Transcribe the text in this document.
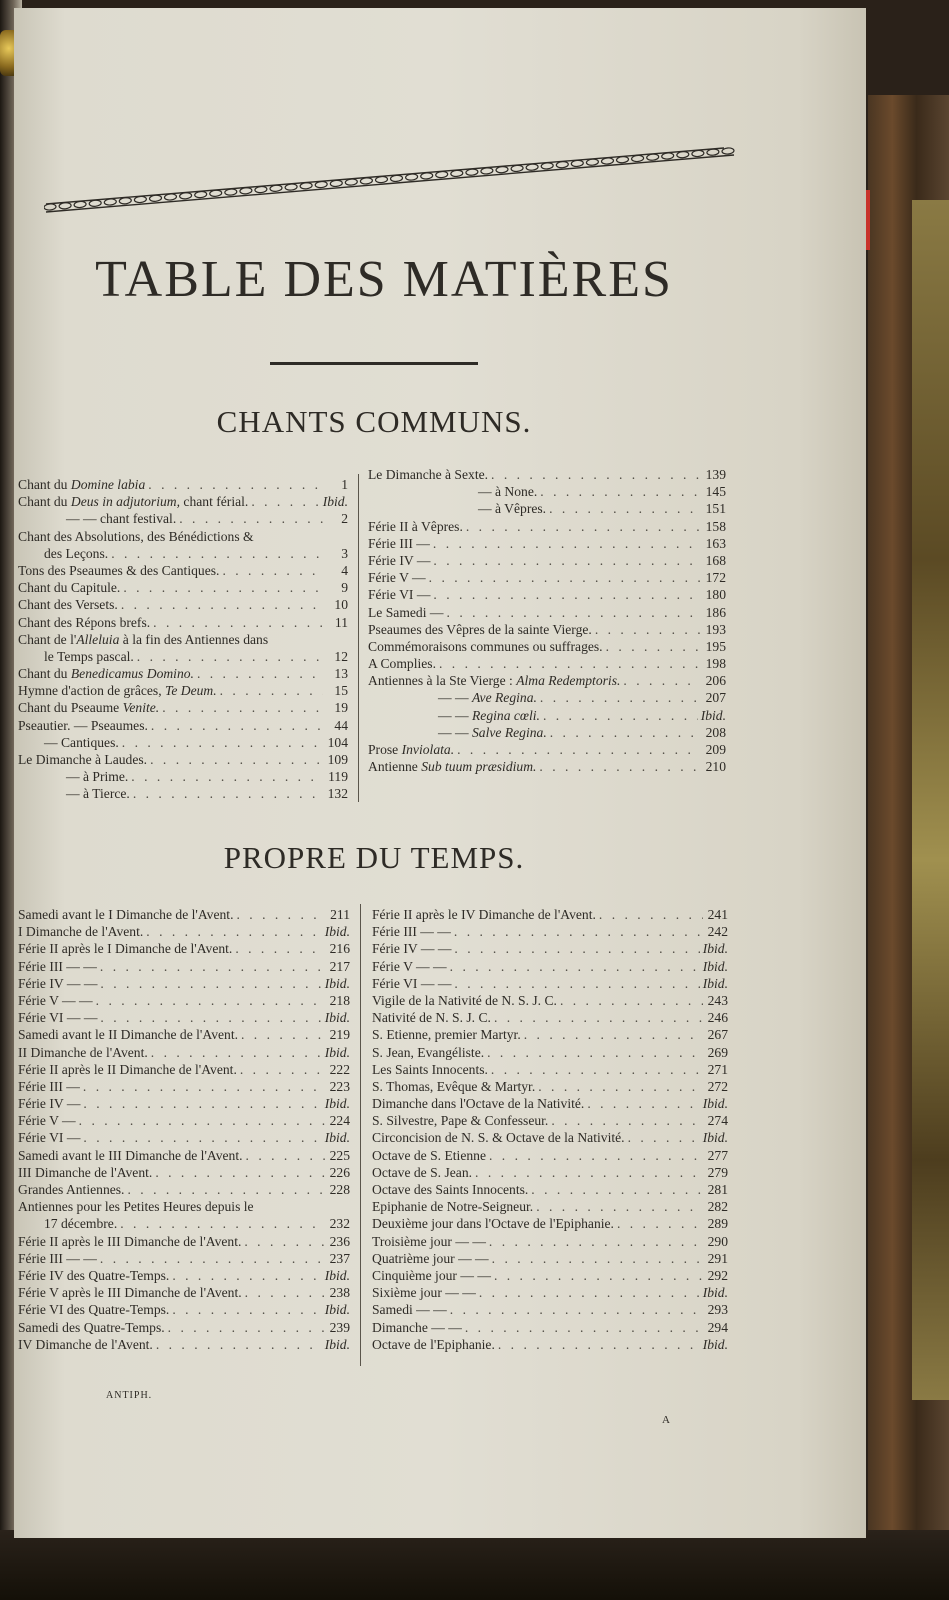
TABLE DES MATIÈRES
CHANTS COMMUNS.
Chant du Domine labia . . .	1
Chant du Deus in adjutorium, chant férial. . . .	Ibid.
— — chant festival. . . .	2
Chant des Absolutions, des Bénédictions &
des Leçons. . . .	3
Tons des Pseaumes & des Cantiques. . . .	4
Chant du Capitule. . . .	9
Chant des Versets. . . .	10
Chant des Répons brefs. . . .	11
Chant de l'Alleluia à la fin des Antiennes dans
le Temps pascal. . . .	12
Chant du Benedicamus Domino. . . .	13
Hymne d'action de grâces, Te Deum. . . .	15
Chant du Pseaume Venite. . . .	19
Pseautier. — Pseaumes. . . .	44
— Cantiques. . . .	104
Le Dimanche à Laudes. . . .	109
— à Prime. . . .	119
— à Tierce. . . .	132
Le Dimanche à Sexte. . . .	139
— à None. . . .	145
— à Vêpres. . . .	151
Férie II à Vêpres. . . .	158
Férie III — . . .	163
Férie IV — . . .	168
Férie V — . . .	172
Férie VI — . . .	180
Le Samedi — . . .	186
Pseaumes des Vêpres de la sainte Vierge. . . .	193
Commémoraisons communes ou suffrages. . . .	195
A Complies. . . .	198
Antiennes à la Ste Vierge : Alma Redemptoris. . . .	206
— — Ave Regina. . . .	207
— — Regina cœli. . . .	Ibid.
— — Salve Regina. . . .	208
Prose Inviolata. . . .	209
Antienne Sub tuum præsidium. . . .	210
PROPRE DU TEMPS.
Samedi avant le I Dimanche de l'Avent. . . .	211
I Dimanche de l'Avent. . . .	Ibid.
Férie II après le I Dimanche de l'Avent. . . .	216
Férie III — — . . .	217
Férie IV — — . . .	Ibid.
Férie V — — . . .	218
Férie VI — — . . .	Ibid.
Samedi avant le II Dimanche de l'Avent. . . .	219
II Dimanche de l'Avent. . . .	Ibid.
Férie II après le II Dimanche de l'Avent. . . .	222
Férie III — . . .	223
Férie IV — . . .	Ibid.
Férie V — . . .	224
Férie VI — . . .	Ibid.
Samedi avant le III Dimanche de l'Avent. . . .	225
III Dimanche de l'Avent. . . .	226
Grandes Antiennes. . . .	228
Antiennes pour les Petites Heures depuis le
17 décembre. . . .	232
Férie II après le III Dimanche de l'Avent. . . .	236
Férie III — — . . .	237
Férie IV des Quatre-Temps. . . .	Ibid.
Férie V après le III Dimanche de l'Avent. . . .	238
Férie VI des Quatre-Temps. . . .	Ibid.
Samedi des Quatre-Temps. . . .	239
IV Dimanche de l'Avent. . . .	Ibid.
Férie II après le IV Dimanche de l'Avent. . . .	241
Férie III — — . . .	242
Férie IV — — . . .	Ibid.
Férie V — — . . .	Ibid.
Férie VI — — . . .	Ibid.
Vigile de la Nativité de N. S. J. C. . . .	243
Nativité de N. S. J. C. . . .	246
S. Etienne, premier Martyr. . . .	267
S. Jean, Evangéliste. . . .	269
Les Saints Innocents. . . .	271
S. Thomas, Evêque & Martyr. . . .	272
Dimanche dans l'Octave de la Nativité. . . .	Ibid.
S. Silvestre, Pape & Confesseur. . . .	274
Circoncision de N. S. & Octave de la Nativité. . . .	Ibid.
Octave de S. Etienne . . .	277
Octave de S. Jean. . . .	279
Octave des Saints Innocents. . . .	281
Epiphanie de Notre-Seigneur. . . .	282
Deuxième jour dans l'Octave de l'Epiphanie. . . .	289
Troisième jour — — . . .	290
Quatrième jour — — . . .	291
Cinquième jour — — . . .	292
Sixième jour — — . . .	Ibid.
Samedi — — . . .	293
Dimanche — — . . .	294
Octave de l'Epiphanie. . . .	Ibid.
ANTIPH.
A
